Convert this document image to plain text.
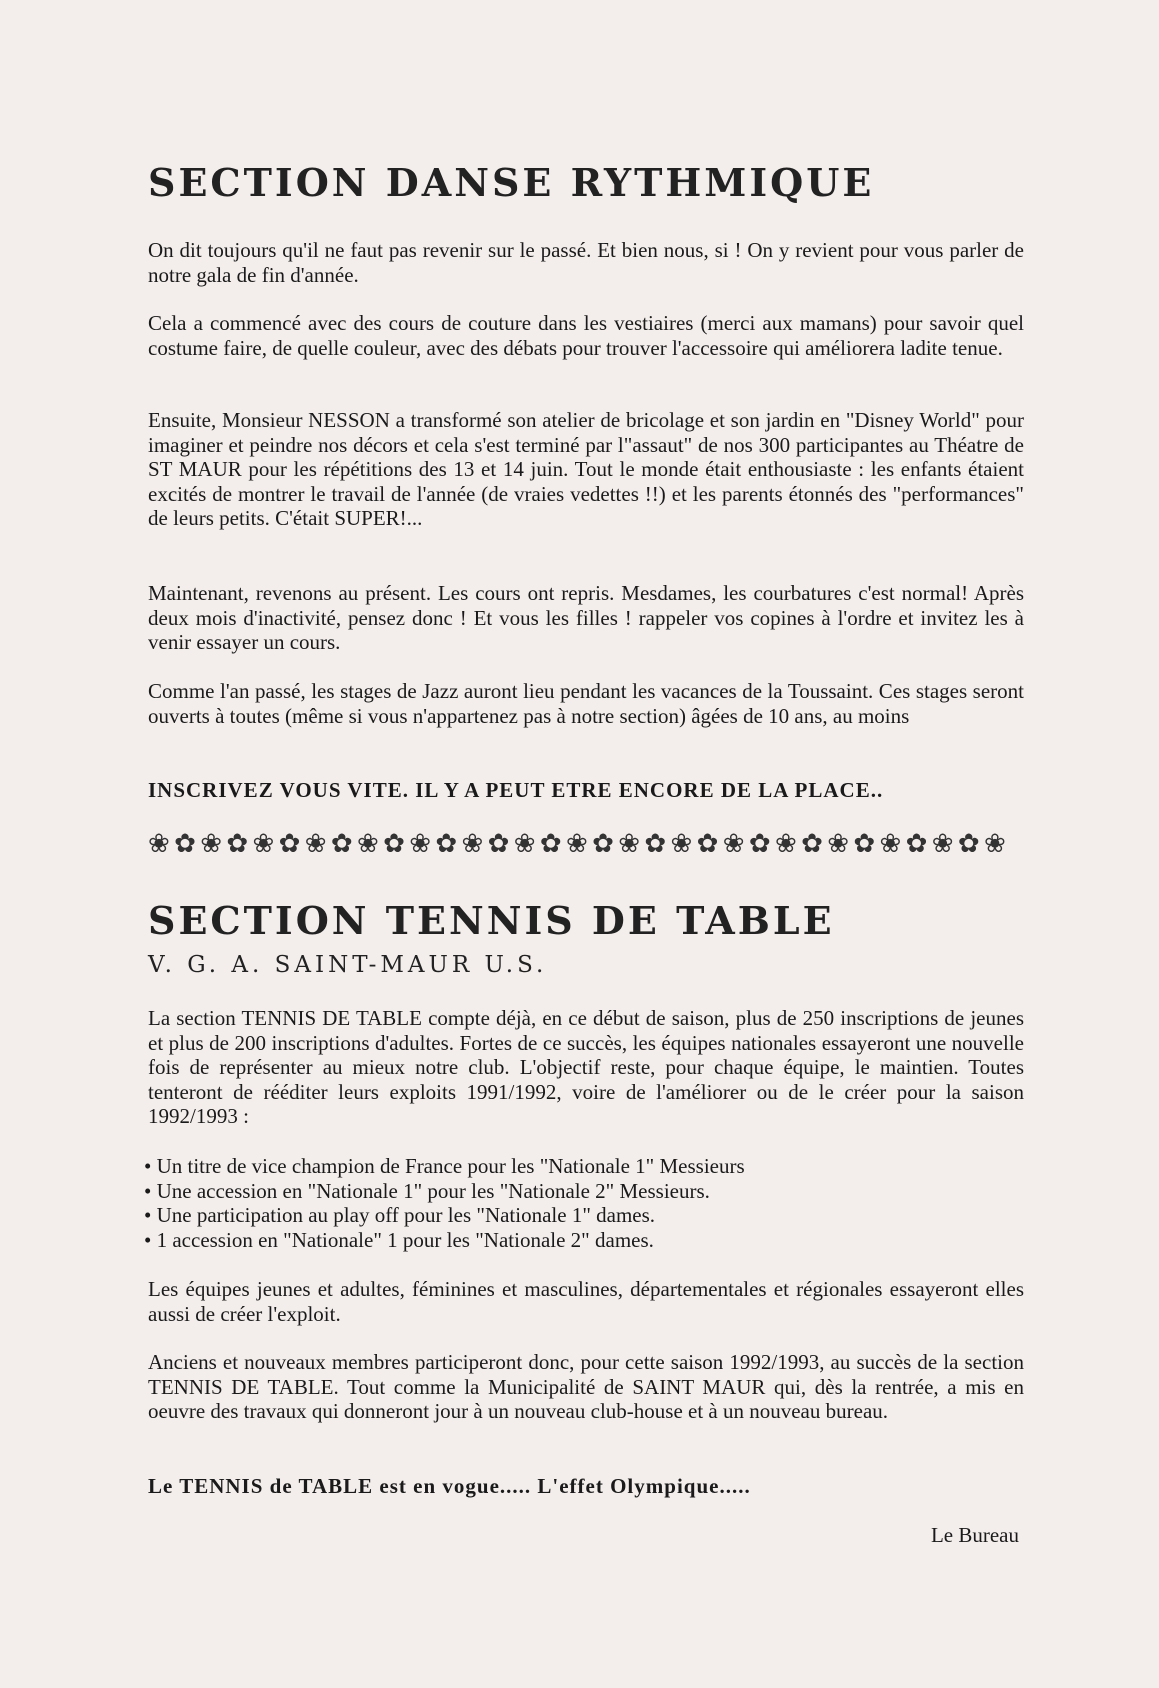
SECTION DANSE RYTHMIQUE

On dit toujours qu'il ne faut pas revenir sur le passé. Et bien nous, si ! On y revient pour vous parler de notre gala de fin d'année.

Cela a commencé avec des cours de couture dans les vestiaires (merci aux mamans) pour savoir quel costume faire, de quelle couleur, avec des débats pour trouver l'accessoire qui améliorera ladite tenue.

Ensuite, Monsieur NESSON a transformé son atelier de bricolage et son jardin en "Disney World" pour imaginer et peindre nos décors et cela s'est terminé par l"assaut" de nos 300 participantes au Théatre de ST MAUR pour les répétitions des 13 et 14 juin. Tout le monde était enthousiaste : les enfants étaient excités de montrer le travail de l'année (de vraies vedettes !!) et les parents étonnés des "performances" de leurs petits. C'était SUPER!...

Maintenant, revenons au présent. Les cours ont repris. Mesdames, les courbatures c'est normal! Après deux mois d'inactivité, pensez donc ! Et vous les filles ! rappeler vos copines à l'ordre et invitez les à venir essayer un cours.

Comme l'an passé, les stages de Jazz auront lieu pendant les vacances de la Toussaint. Ces stages seront ouverts à toutes (même si vous n'appartenez pas à notre section) âgées de 10 ans, au moins

INSCRIVEZ VOUS VITE. IL Y A PEUT ETRE ENCORE DE LA PLACE..

❀ ✿ ❀ ✿ ❀ ✿ ❀ ✿ ❀ ✿ ❀ ✿ ❀ ✿ ❀ ✿ ❀ ✿ ❀ ✿ ❀ ✿ ❀ ✿ ❀ ✿ ❀ ✿ ❀ ✿ ❀ ✿ ❀
SECTION TENNIS DE TABLE
V. G. A. SAINT-MAUR U.S.

La section TENNIS DE TABLE compte déjà, en ce début de saison, plus de 250 inscriptions de jeunes et plus de 200 inscriptions d'adultes. Fortes de ce succès, les équipes nationales essayeront une nouvelle fois de représenter au mieux notre club. L'objectif reste, pour chaque équipe, le maintien. Toutes tenteront de rééditer leurs exploits 1991/1992, voire de l'améliorer ou de le créer pour la saison 1992/1993 :

• Un titre de vice champion de France pour les "Nationale 1" Messieurs
• Une accession en "Nationale 1" pour les "Nationale 2" Messieurs.
• Une participation au play off pour les "Nationale 1" dames.
• 1 accession en "Nationale" 1 pour les "Nationale 2" dames.

Les équipes jeunes et adultes, féminines et masculines, départementales et régionales essayeront elles aussi de créer l'exploit.

Anciens et nouveaux membres participeront donc, pour cette saison 1992/1993, au succès de la section TENNIS DE TABLE. Tout comme la Municipalité de SAINT MAUR qui, dès la rentrée, a mis en oeuvre des travaux qui donneront jour à un nouveau club-house et à un nouveau bureau.

Le TENNIS de TABLE est en vogue..... L'effet Olympique.....

Le Bureau
